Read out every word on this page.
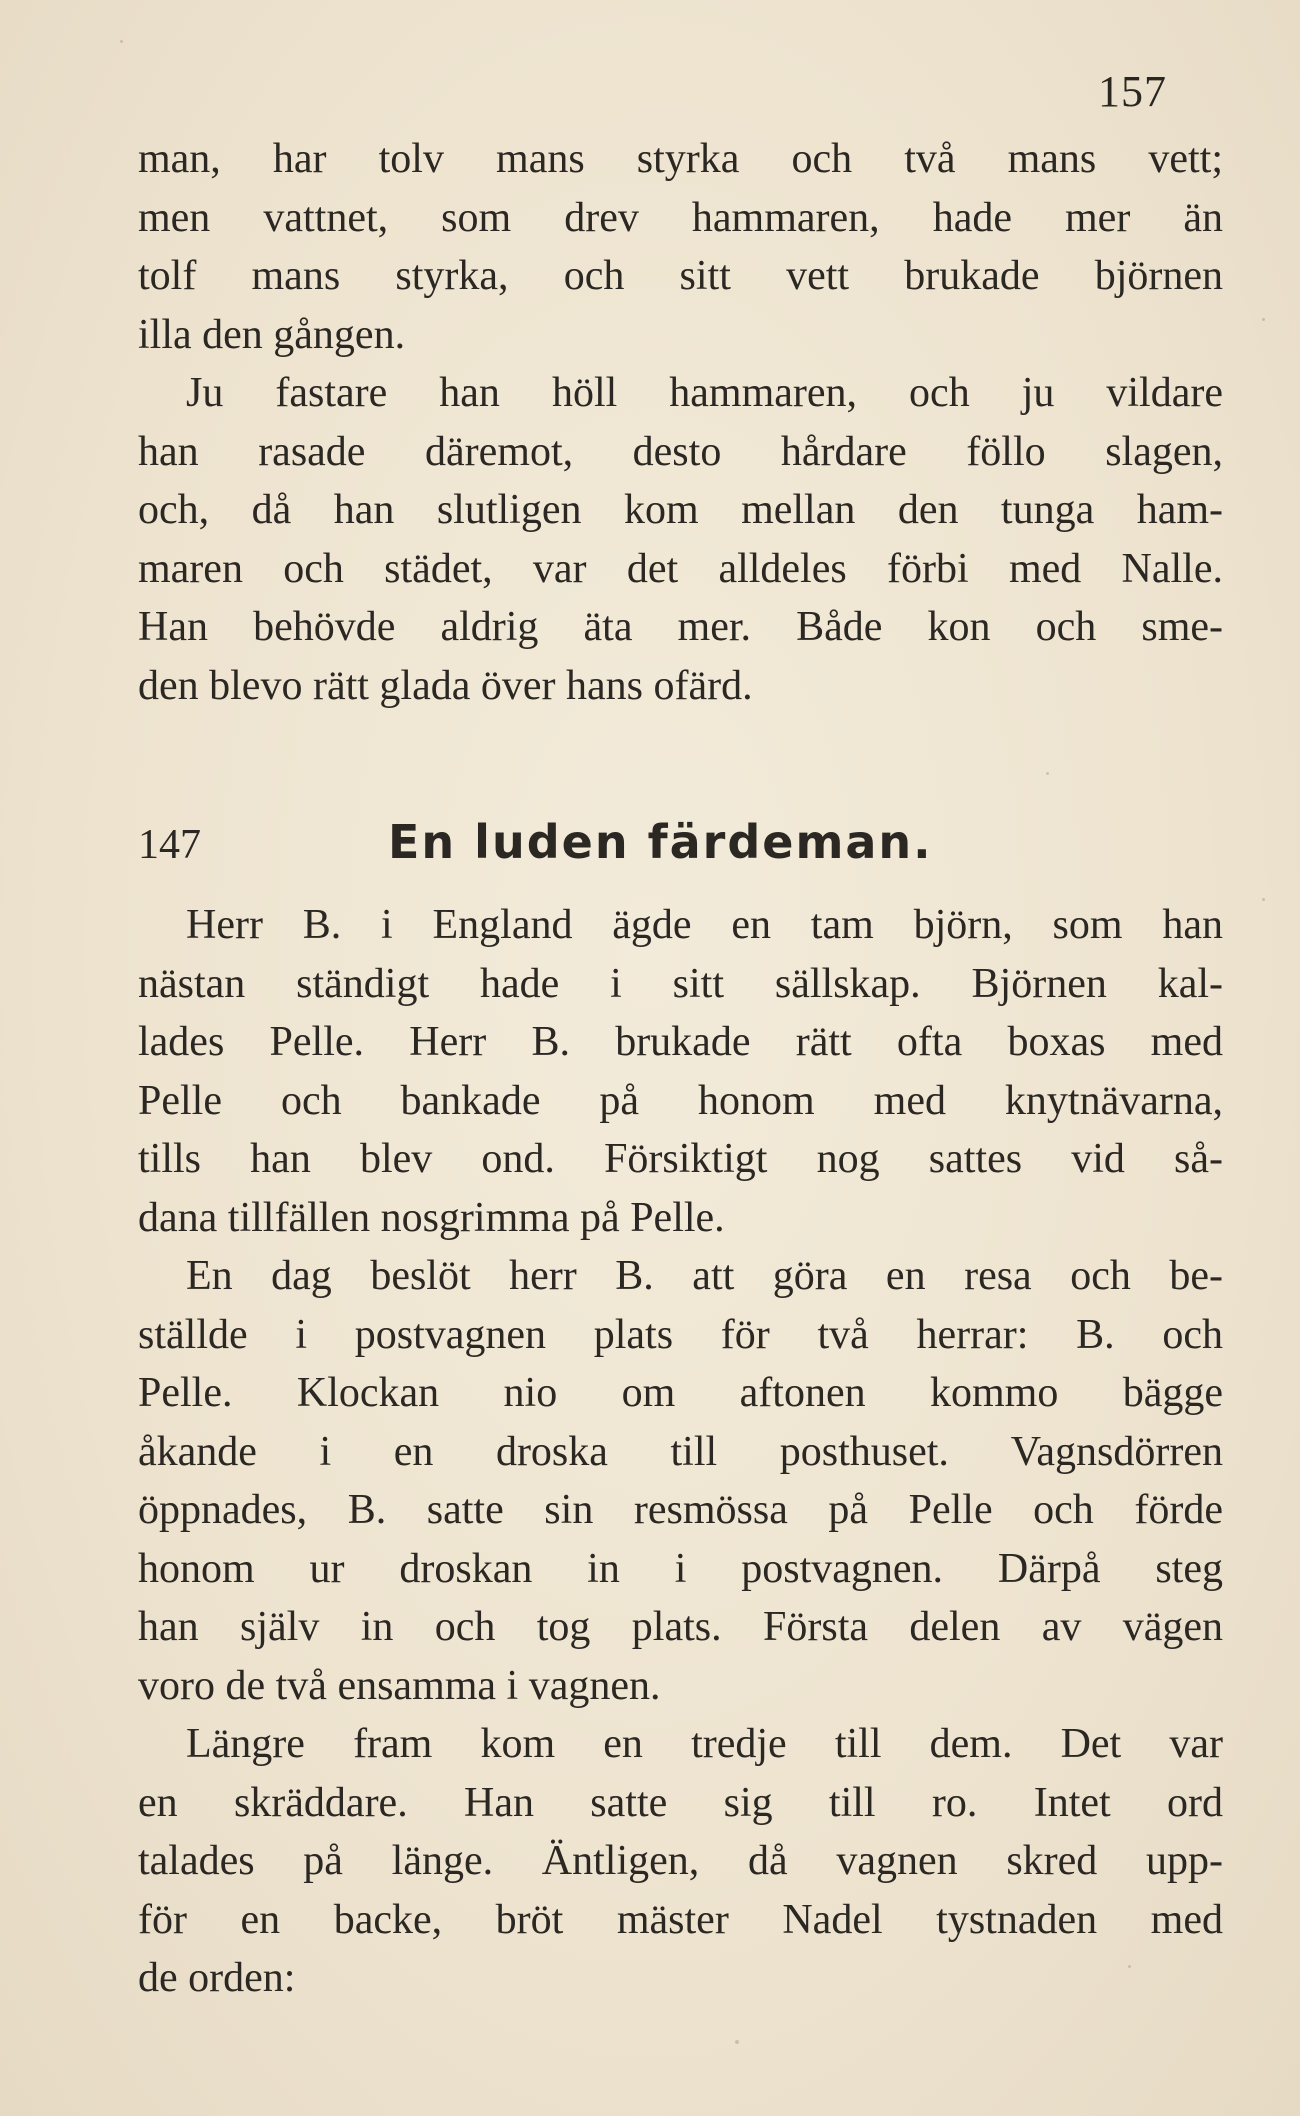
157
man, har tolv mans styrka och två mans vett;
men vattnet, som drev hammaren, hade mer än
tolf mans styrka, och sitt vett brukade björnen
illa den gången.
Ju fastare han höll hammaren, och ju vildare
han rasade däremot, desto hårdare föllo slagen,
och, då han slutligen kom mellan den tunga ham-
maren och städet, var det alldeles förbi med Nalle.
Han behövde aldrig äta mer. Både kon och sme-
den blevo rätt glada över hans ofärd.
147	En luden färdeman.
Herr B. i England ägde en tam björn, som han
nästan ständigt hade i sitt sällskap. Björnen kal-
lades Pelle. Herr B. brukade rätt ofta boxas med
Pelle och bankade på honom med knytnävarna,
tills han blev ond. Försiktigt nog sattes vid så-
dana tillfällen nosgrimma på Pelle.
En dag beslöt herr B. att göra en resa och be-
ställde i postvagnen plats för två herrar: B. och
Pelle. Klockan nio om aftonen kommo bägge
åkande i en droska till posthuset. Vagnsdörren
öppnades, B. satte sin resmössa på Pelle och förde
honom ur droskan in i postvagnen. Därpå steg
han själv in och tog plats. Första delen av vägen
voro de två ensamma i vagnen.
Längre fram kom en tredje till dem. Det var
en skräddare. Han satte sig till ro. Intet ord
talades på länge. Äntligen, då vagnen skred upp-
för en backe, bröt mäster Nadel tystnaden med
de orden:
